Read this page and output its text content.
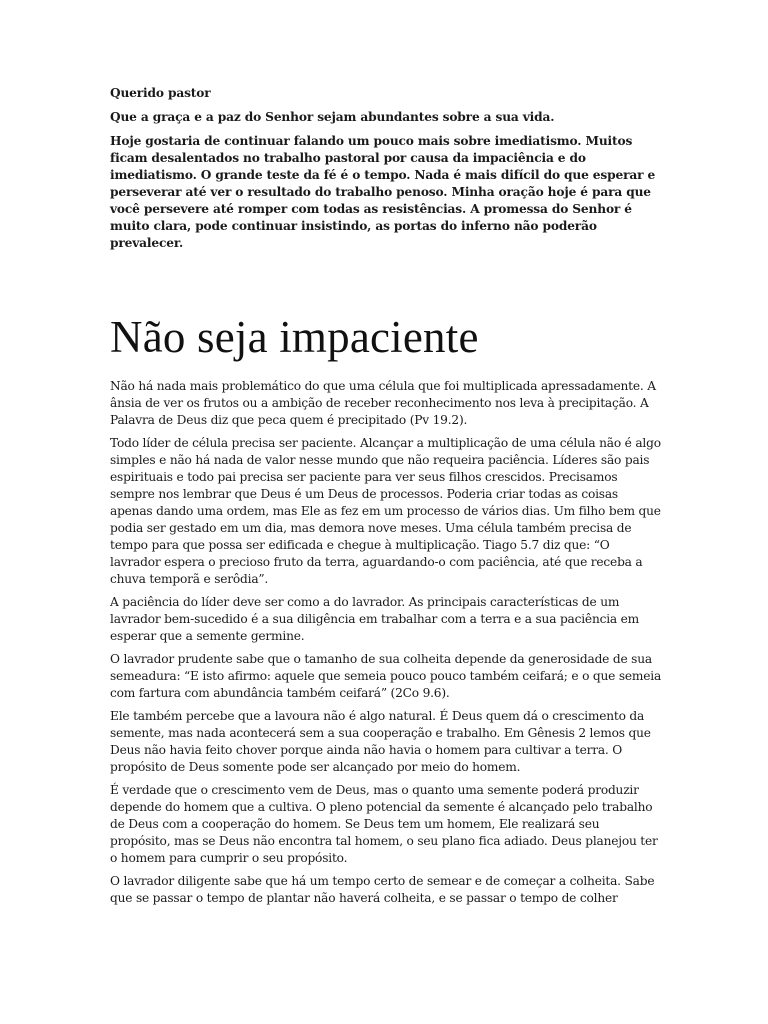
Querido pastor

Que a graça e a paz do Senhor sejam abundantes sobre a sua vida.

Hoje gostaria de continuar falando um pouco mais sobre imediatismo. Muitos ficam desalentados no trabalho pastoral por causa da impaciência e do imediatismo. O grande teste da fé é o tempo. Nada é mais difícil do que esperar e perseverar até ver o resultado do trabalho penoso. Minha oração hoje é para que você persevere até romper com todas as resistências. A promessa do Senhor é muito clara, pode continuar insistindo, as portas do inferno não poderão prevalecer.

Não seja impaciente

Não há nada mais problemático do que uma célula que foi multiplicada apressadamente. A ânsia de ver os frutos ou a ambição de receber reconhecimento nos leva à precipitação. A Palavra de Deus diz que peca quem é precipitado (Pv 19.2).

Todo líder de célula precisa ser paciente. Alcançar a multiplicação de uma célula não é algo simples e não há nada de valor nesse mundo que não requeira paciência. Líderes são pais espirituais e todo pai precisa ser paciente para ver seus filhos crescidos. Precisamos sempre nos lembrar que Deus é um Deus de processos. Poderia criar todas as coisas apenas dando uma ordem, mas Ele as fez em um processo de vários dias. Um filho bem que podia ser gestado em um dia, mas demora nove meses. Uma célula também precisa de tempo para que possa ser edificada e chegue à multiplicação. Tiago 5.7 diz que: “O lavrador espera o precioso fruto da terra, aguardando-o com paciência, até que receba a chuva temporã e serôdia”.

A paciência do líder deve ser como a do lavrador. As principais características de um lavrador bem-sucedido é a sua diligência em trabalhar com a terra e a sua paciência em esperar que a semente germine.

O lavrador prudente sabe que o tamanho de sua colheita depende da generosidade de sua semeadura: “E isto afirmo: aquele que semeia pouco pouco também ceifará; e o que semeia com fartura com abundância também ceifará” (2Co 9.6).

Ele também percebe que a lavoura não é algo natural. É Deus quem dá o crescimento da semente, mas nada acontecerá sem a sua cooperação e trabalho. Em Gênesis 2 lemos que Deus não havia feito chover porque ainda não havia o homem para cultivar a terra. O propósito de Deus somente pode ser alcançado por meio do homem.

É verdade que o crescimento vem de Deus, mas o quanto uma semente poderá produzir depende do homem que a cultiva. O pleno potencial da semente é alcançado pelo trabalho de Deus com a cooperação do homem. Se Deus tem um homem, Ele realizará seu propósito, mas se Deus não encontra tal homem, o seu plano fica adiado. Deus planejou ter o homem para cumprir o seu propósito.

O lavrador diligente sabe que há um tempo certo de semear e de começar a colheita. Sabe que se passar o tempo de plantar não haverá colheita, e se passar o tempo de colher
